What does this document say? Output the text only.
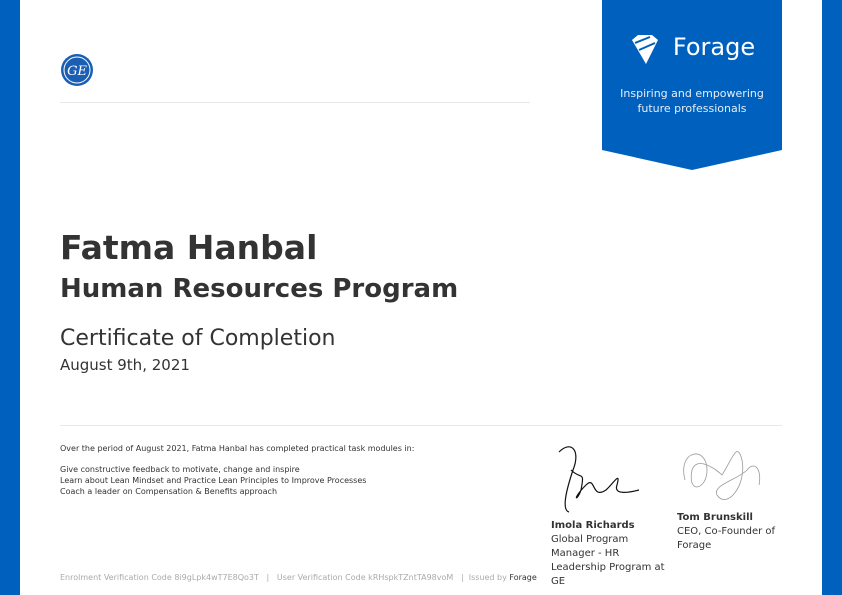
GE
Forage
Inspiring and empowering
future professionals
Fatma Hanbal
Human Resources Program
Certificate of Completion
August 9th, 2021
Over the period of August 2021, Fatma Hanbal has completed practical task modules in:
Give constructive feedback to motivate, change and inspire
Learn about Lean Mindset and Practice Lean Principles to Improve Processes
Coach a leader on Compensation & Benefits approach
Imola Richards
Global Program Manager - HR Leadership Program at GE
Tom Brunskill
CEO, Co-Founder of Forage
Enrolment Verification Code 8i9gLpk4wT7E8Qo3T | User Verification Code kRHspkTZntTA98voM | Issued by Forage
